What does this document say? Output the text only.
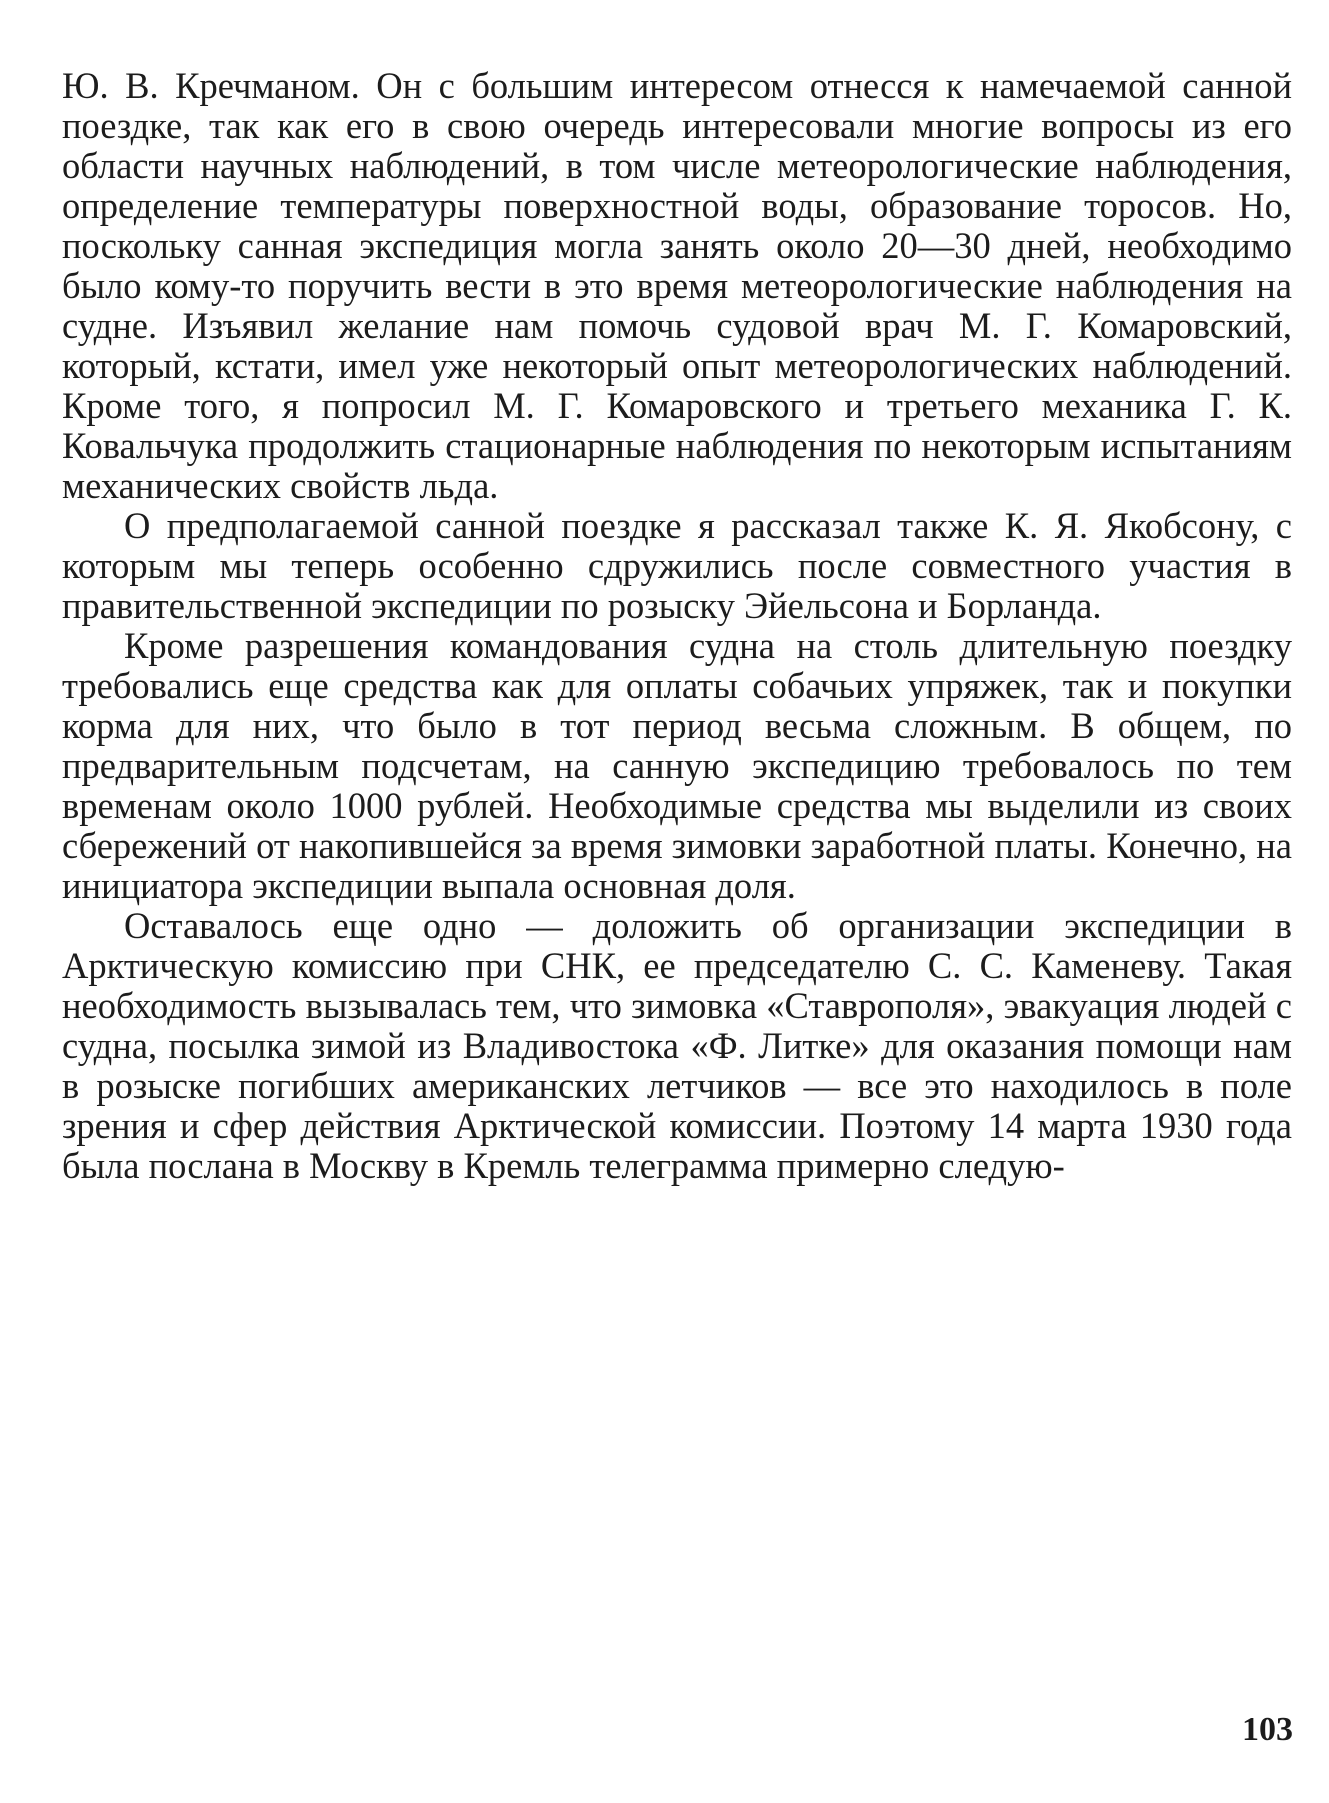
Ю. В. Кречманом. Он с большим интересом отнесся к намечаемой санной поездке, так как его в свою очередь интересовали многие вопросы из его области научных наблюдений, в том числе метеорологические наблюдения, определение температуры поверхностной воды, образование торосов. Но, поскольку санная экспедиция могла занять около 20—30 дней, необходимо было кому-то поручить вести в это время метеорологические наблюдения на судне. Изъявил желание нам помочь судовой врач М. Г. Комаровский, который, кстати, имел уже некоторый опыт метеорологических наблюдений. Кроме того, я попросил М. Г. Комаровского и третьего механика Г. К. Ковальчука продолжить стационарные наблюдения по некоторым испытаниям механических свойств льда.

О предполагаемой санной поездке я рассказал также К. Я. Якобсону, с которым мы теперь особенно сдружились после совместного участия в правительственной экспедиции по розыску Эйельсона и Борланда.

Кроме разрешения командования судна на столь длительную поездку требовались еще средства как для оплаты собачьих упряжек, так и покупки корма для них, что было в тот период весьма сложным. В общем, по предварительным подсчетам, на санную экспедицию требовалось по тем временам около 1000 рублей. Необходимые средства мы выделили из своих сбережений от накопившейся за время зимовки заработной платы. Конечно, на инициатора экспедиции выпала основная доля.

Оставалось еще одно — доложить об организации экспедиции в Арктическую комиссию при СНК, ее председателю С. С. Каменеву. Такая необходимость вызывалась тем, что зимовка «Ставрополя», эвакуация людей с судна, посылка зимой из Владивостока «Ф. Литке» для оказания помощи нам в розыске погибших американских летчиков — все это находилось в поле зрения и сфер действия Арктической комиссии. Поэтому 14 марта 1930 года была послана в Москву в Кремль телеграмма примерно следую-

103
